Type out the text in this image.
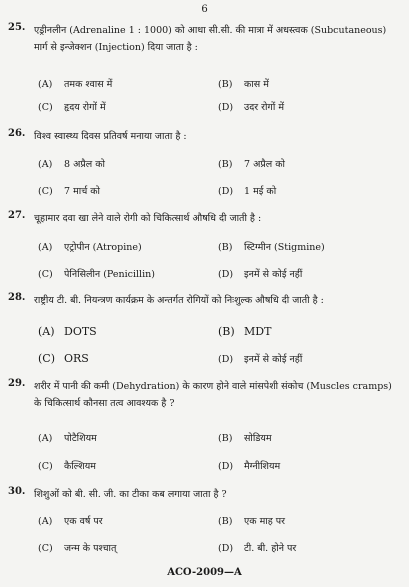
6
25. एड्रीनलीन (Adrenaline 1 : 1000) को आधा सी.सी. की मात्रा में अधस्त्वक (Subcutaneous) मार्ग से इन्जेक्शन (Injection) दिया जाता है :
(A) तमक श्वास में	(B) कास में
(C) हृदय रोगों में	(D) उदर रोगों में
26. विश्व स्वास्थ्य दिवस प्रतिवर्ष मनाया जाता है :
(A) 8 अप्रैल को	(B) 7 अप्रैल को
(C) 7 मार्च को	(D) 1 मई को
27. चूहामार दवा खा लेने वाले रोगी को चिकित्सार्थ औषधि दी जाती है :
(A) एट्रोपीन (Atropine)	(B) स्टिग्मीन (Stigmine)
(C) पेनिसिलीन (Penicillin)	(D) इनमें से कोई नहीं
28. राष्ट्रीय टी. बी. नियन्त्रण कार्यक्रम के अन्तर्गत रोगियों को निःशुल्क औषधि दी जाती है :
(A) DOTS	(B) MDT
(C) ORS	(D) इनमें से कोई नहीं
29. शरीर में पानी की कमी (Dehydration) के कारण होने वाले मांसपेशी संकोच (Muscles cramps) के चिकित्सार्थ कौनसा तत्व आवश्यक है ?
(A) पोटैशियम	(B) सोडियम
(C) कैल्शियम	(D) मैग्नीशियम
30. शिशुओं को बी. सी. जी. का टीका कब लगाया जाता है ?
(A) एक वर्ष पर	(B) एक माह पर
(C) जन्म के पश्चात्	(D) टी. बी. होने पर
ACO-2009—A
